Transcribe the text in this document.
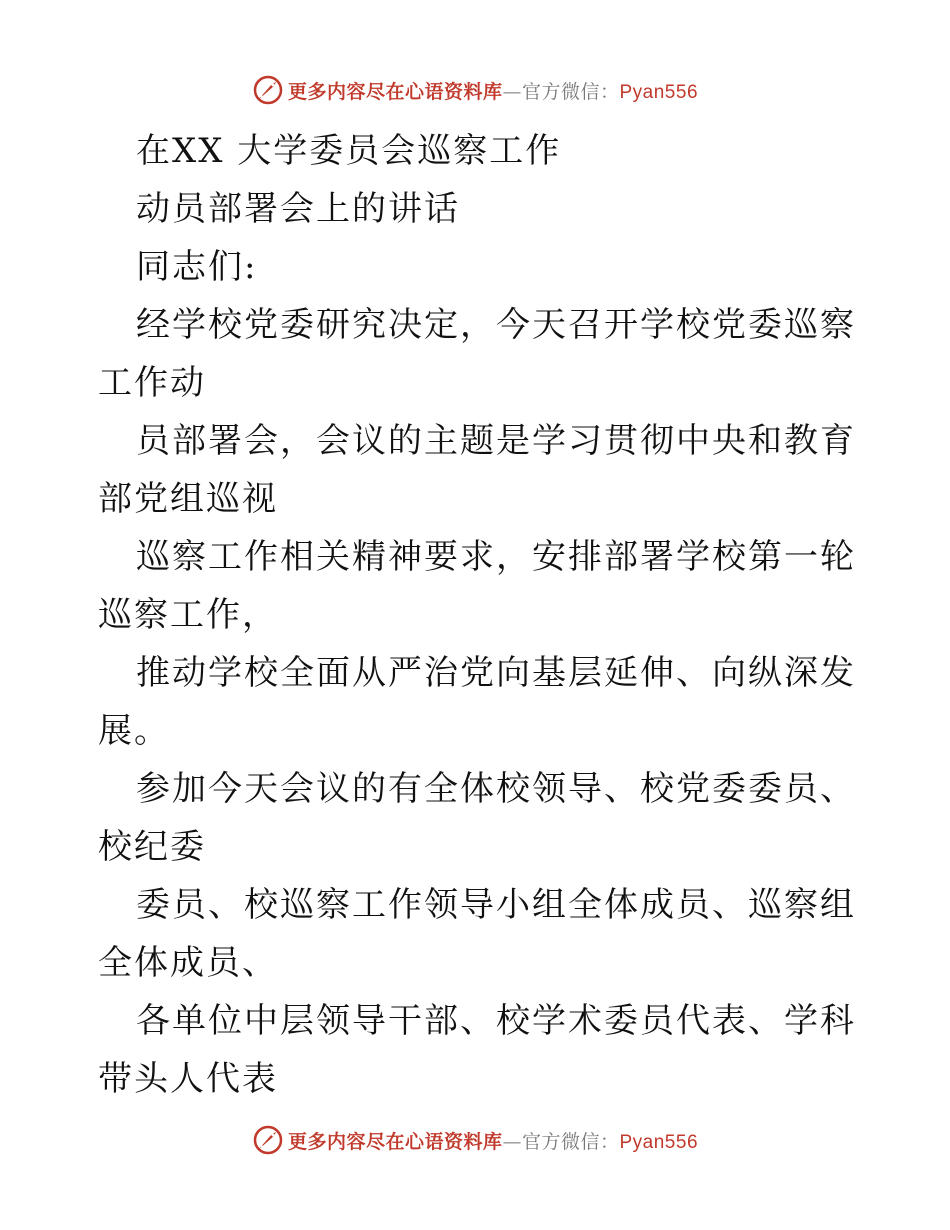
更多内容尽在心语资料库—官方微信：Pyan556

在XX 大学委员会巡察工作

动员部署会上的讲话

同志们:

经学校党委研究决定，今天召开学校党委巡察工作动

员部署会，会议的主题是学习贯彻中央和教育部党组巡视

巡察工作相关精神要求，安排部署学校第一轮巡察工作，

推动学校全面从严治党向基层延伸、向纵深发展。

参加今天会议的有全体校领导、校党委委员、校纪委

委员、校巡察工作领导小组全体成员、巡察组全体成员、

各单位中层领导干部、校学术委员代表、学科带头人代表

更多内容尽在心语资料库—官方微信：Pyan556
